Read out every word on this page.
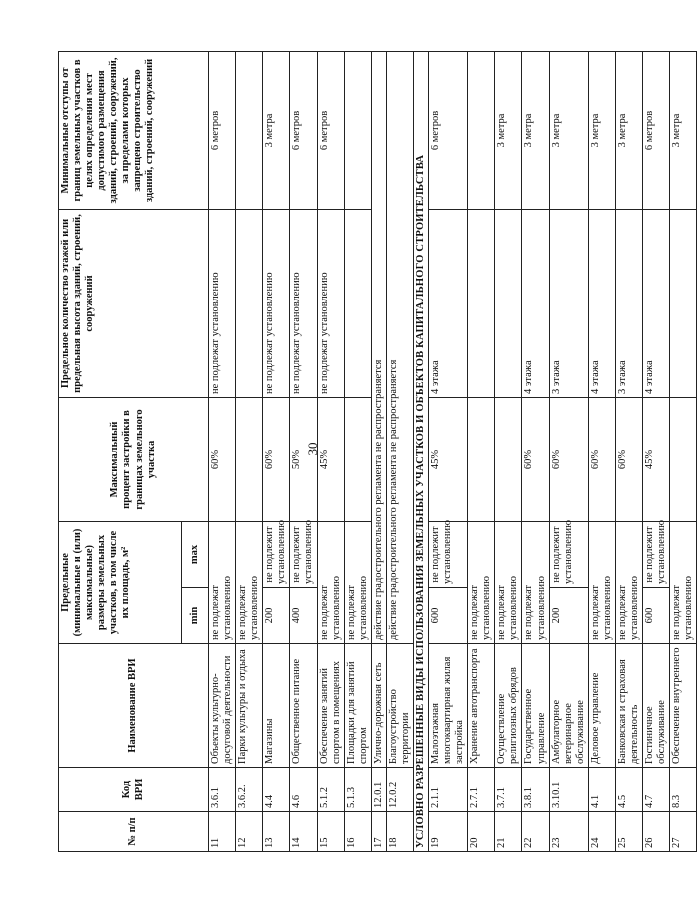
30
№ п/п	Код ВРИ	Наименование ВРИ	Предельные (минимальные и (или) максимальные) размеры земельных участков, в том числе их площадь, м²		Максимальный процент застройки в границах земельного участка	Предельное количество этажей или предельная высота зданий, строений, сооружений	Минимальные отступы от границ земельных участков в целях определения мест допустимого размещения зданий, строений, сооружений, за пределами которых запрещено строительство зданий, строений, сооружений
			min	max			
11	3.6.1	Объекты культурно-досуговой деятельности	не подлежат установлению		60%	не подлежат установлению	6 метров
12	3.6.2.	Парки культуры и отдыха	не подлежат установлению				
13	4.4	Магазины	200	не подлежит установлению	60%	не подлежат установлению	3 метра
14	4.6	Общественное питание	400	не подлежит установлению	50%	не подлежат установлению	6 метров
15	5.1.2	Обеспечение занятий спортом в помещениях	не подлежат установлению		45%	не подлежат установлению	6 метров
16	5.1.3	Площадки для занятий спортом	не подлежат установлению				
17	12.0.1	Улично-дорожная сеть	действие градостроительного регламента не распространяется				
18	12.0.2	Благоустройство территории	действие градостроительного регламента не распространяется				
УСЛОВНО РАЗРЕШЕННЫЕ ВИДЫ ИСПОЛЬЗОВАНИЯ ЗЕМЕЛЬНЫХ УЧАСТКОВ И ОБЪЕКТОВ КАПИТАЛЬНОГО СТРОИТЕЛЬСТВА							
19	2.1.1	Малоэтажная многоквартирная жилая застройка	600	не подлежит установлению	45%	4 этажа	6 метров
20	2.7.1	Хранение автотранспорта	не подлежат установлению				
21	3.7.1	Осуществление религиозных обрядов	не подлежат установлению				3 метра
22	3.8.1	Государственное управление	не подлежат установлению		60%	4 этажа	3 метра
23	3.10.1	Амбулаторное ветеринарное обслуживание	200	не подлежит установлению	60%	3 этажа	3 метра
24	4.1	Деловое управление	не подлежат установлению		60%	4 этажа	3 метра
25	4.5	Банковская и страховая деятельность	не подлежат установлению		60%	3 этажа	3 метра
26	4.7	Гостиничное обслуживание	600	не подлежит установлению	45%	4 этажа	6 метров
27	8.3	Обеспечение внутреннего	не подлежат установлению				3 метра
